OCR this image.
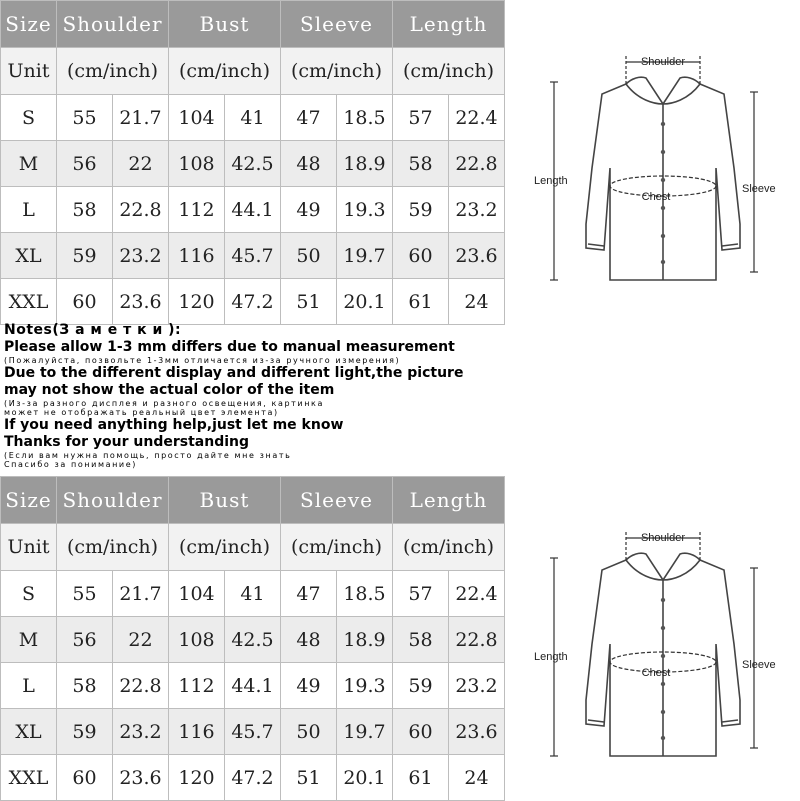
Size	Shoulder		Bust		Sleeve		Length	
Unit	(cm/inch)		(cm/inch)		(cm/inch)		(cm/inch)	
S	55	21.7	104	41	47	18.5	57	22.4
M	56	22	108	42.5	48	18.9	58	22.8
L	58	22.8	112	44.1	49	19.3	59	23.2
XL	59	23.2	116	45.7	50	19.7	60	23.6
XXL	60	23.6	120	47.2	51	20.1	61	24
Shoulder
Chest
Length
Sleeve
Notes(З а м е т к и ):
Please allow 1-3 mm differs due to manual measurement
(Пожалуйста, позвольте 1-3мм отличается из-за ручного измерения)
Due to the different display and different light,the picture
may not show the actual color of the item
(Из-за разного дисплея и разного освещения, картинка
может не отображать реальный цвет элемента)
If you need anything help,just let me know
Thanks for your understanding
(Если вам нужна помощь, просто дайте мне знать
Спасибо за понимание)
Size	Shoulder		Bust		Sleeve		Length	
Unit	(cm/inch)		(cm/inch)		(cm/inch)		(cm/inch)	
S	55	21.7	104	41	47	18.5	57	22.4
M	56	22	108	42.5	48	18.9	58	22.8
L	58	22.8	112	44.1	49	19.3	59	23.2
XL	59	23.2	116	45.7	50	19.7	60	23.6
XXL	60	23.6	120	47.2	51	20.1	61	24
Shoulder
Chest
Length
Sleeve
